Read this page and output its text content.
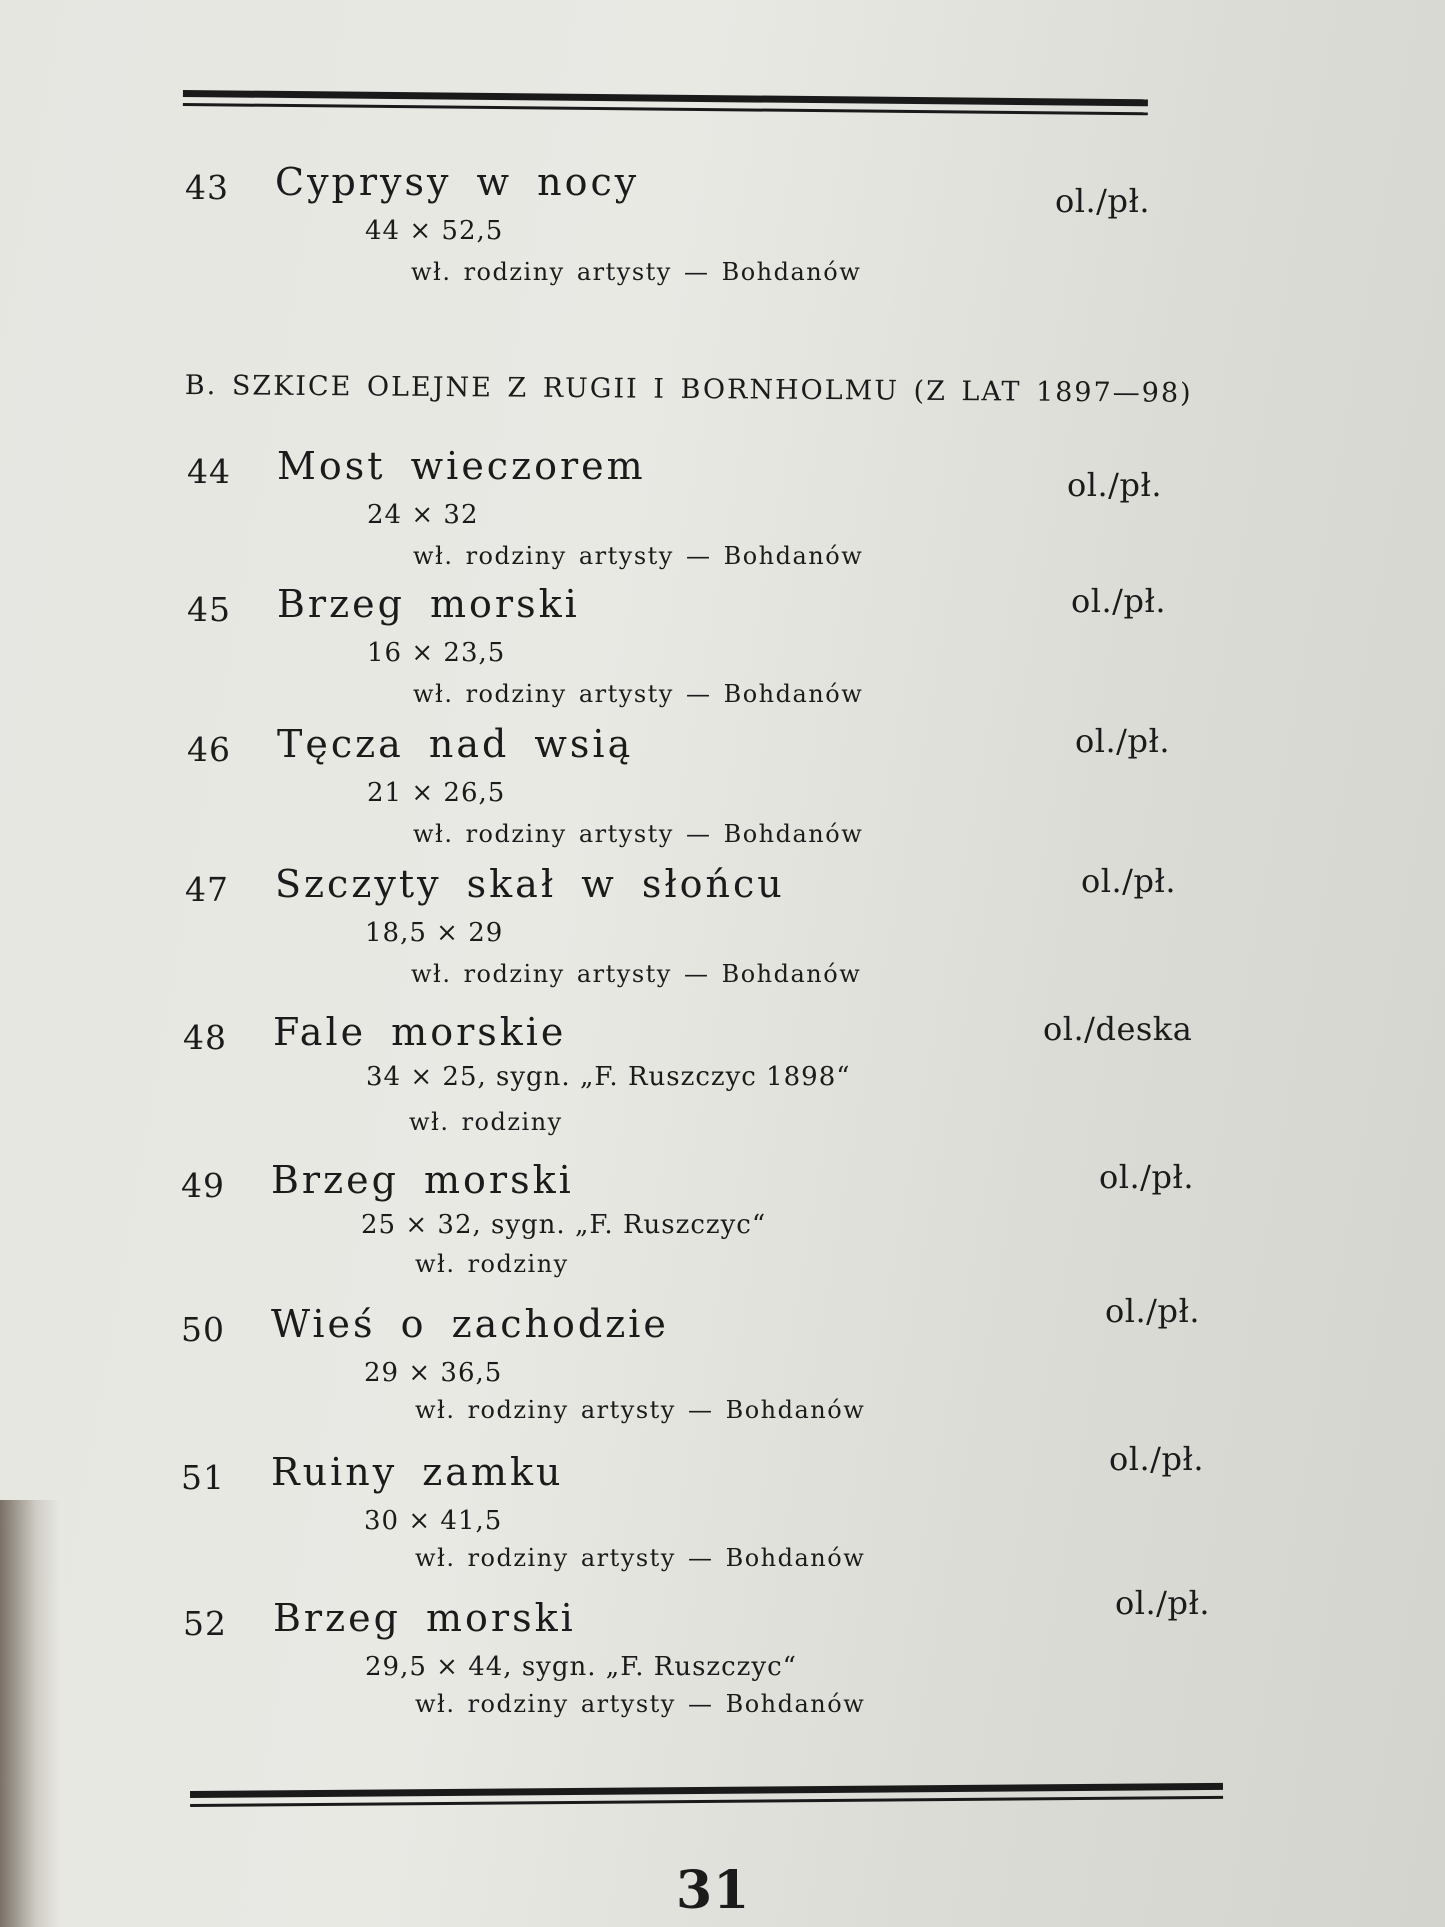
43 Cyprysy w nocy
44 × 52,5
wł. rodziny artysty — Bohdanów
ol./pł.
B. SZKICE OLEJNE Z RUGII I BORNHOLMU (Z LAT 1897—98)
44 Most wieczorem
24 × 32
wł. rodziny artysty — Bohdanów
ol./pł.
45 Brzeg morski
16 × 23,5
wł. rodziny artysty — Bohdanów
ol./pł.
46 Tęcza nad wsią
21 × 26,5
wł. rodziny artysty — Bohdanów
ol./pł.
47 Szczyty skał w słońcu
18,5 × 29
wł. rodziny artysty — Bohdanów
ol./pł.
48 Fale morskie
34 × 25, sygn. „F. Ruszczyc 1898“
wł. rodziny
ol./deska
49 Brzeg morski
25 × 32, sygn. „F. Ruszczyc“
wł. rodziny
ol./pł.
50 Wieś o zachodzie
29 × 36,5
wł. rodziny artysty — Bohdanów
ol./pł.
51 Ruiny zamku
30 × 41,5
wł. rodziny artysty — Bohdanów
ol./pł.
52 Brzeg morski
29,5 × 44, sygn. „F. Ruszczyc“
wł. rodziny artysty — Bohdanów
ol./pł.
31
